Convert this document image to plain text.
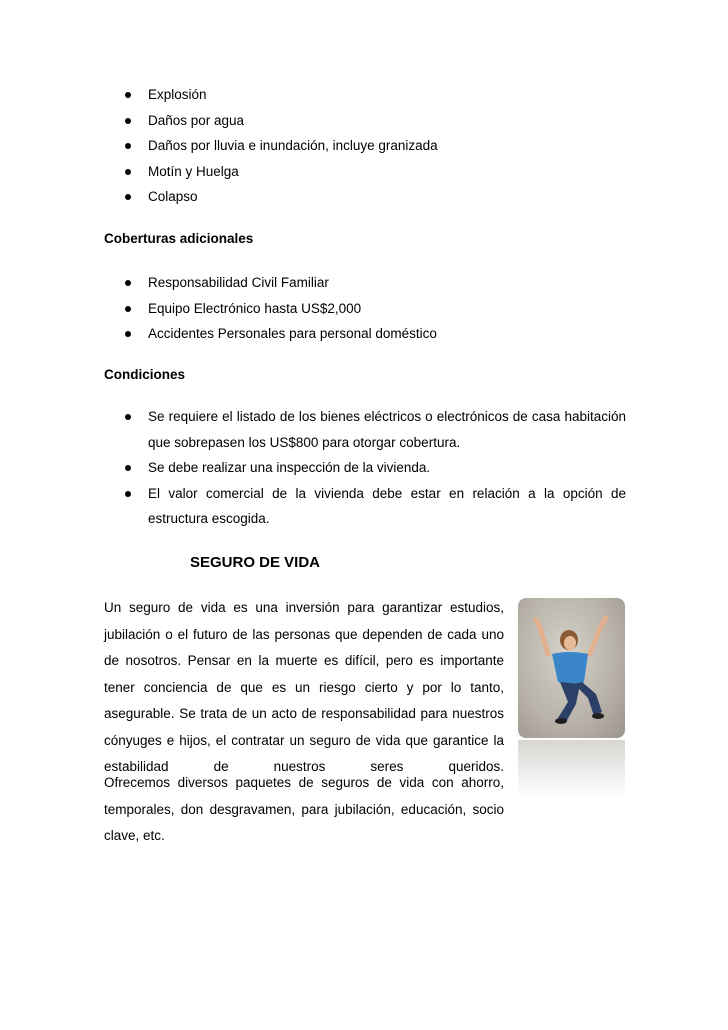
Explosión
Daños por agua
Daños por lluvia e inundación, incluye granizada
Motín y Huelga
Colapso
Coberturas adicionales
Responsabilidad Civil Familiar
Equipo Electrónico hasta US$2,000
Accidentes Personales para personal doméstico
Condiciones
Se requiere el listado de los bienes eléctricos o electrónicos de casa habitación que sobrepasen los US$800 para otorgar cobertura.
Se debe realizar una inspección de la vivienda.
El valor comercial de la vivienda debe estar en relación a la opción de estructura escogida.
SEGURO DE VIDA
Un seguro de vida es una inversión para garantizar estudios, jubilación o el futuro de las personas que dependen de cada uno de nosotros. Pensar en la muerte es difícil, pero es importante tener conciencia de que es un riesgo cierto y por lo tanto, asegurable. Se trata de un acto de responsabilidad para nuestros cónyuges e hijos, el contratar un seguro de vida que garantice la estabilidad de nuestros seres queridos.
Ofrecemos diversos paquetes de seguros de vida con ahorro, temporales, don desgravamen, para jubilación, educación, socio clave, etc.
